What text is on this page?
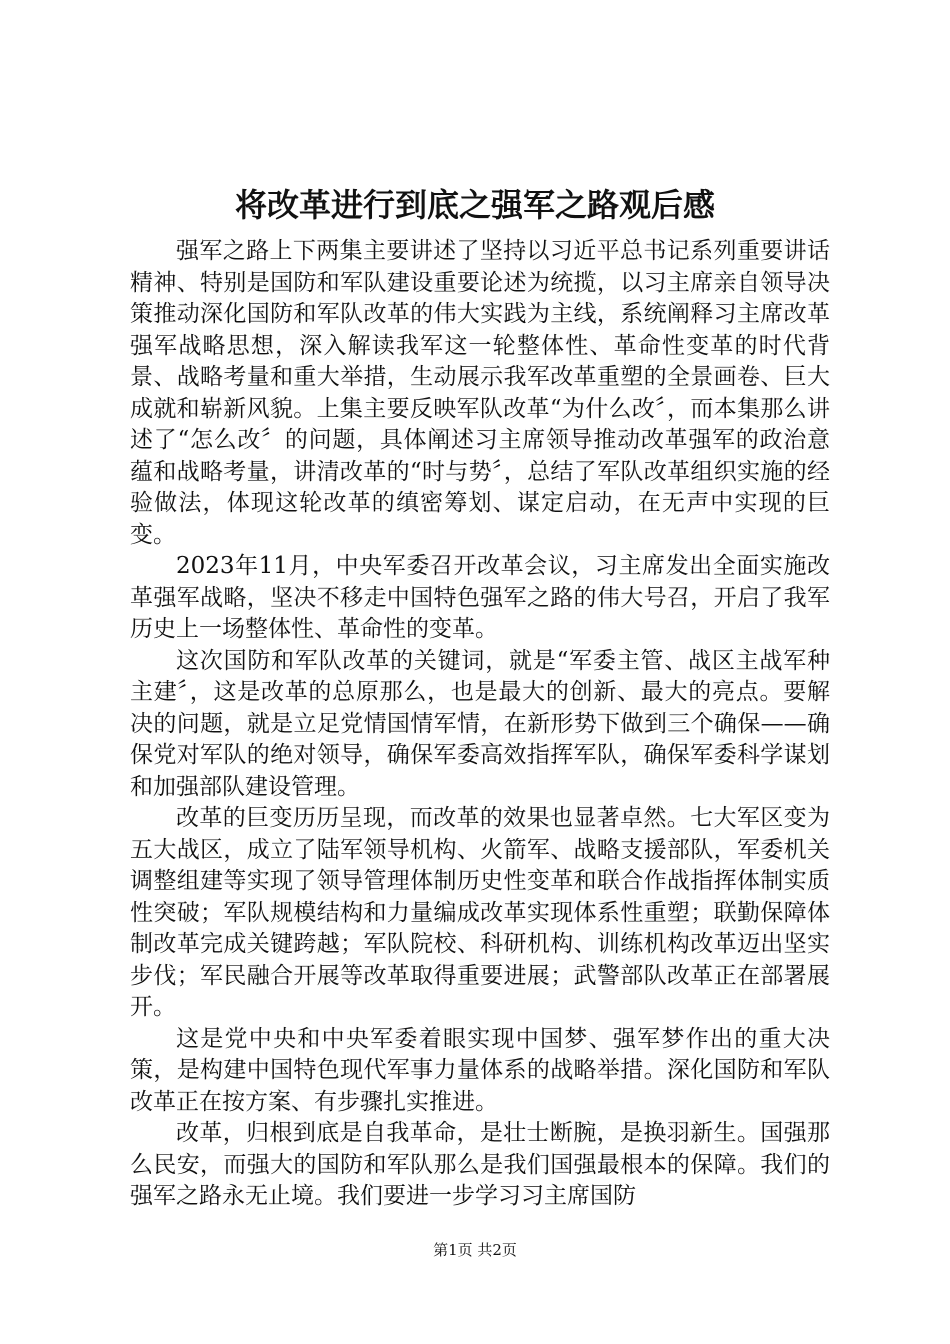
将改革进行到底之强军之路观后感

强军之路上下两集主要讲述了坚持以习近平总书记系列重要讲话精神、特别是国防和军队建设重要论述为统揽，以习主席亲自领导决策推动深化国防和军队改革的伟大实践为主线，系统阐释习主席改革强军战略思想，深入解读我军这一轮整体性、革命性变革的时代背景、战略考量和重大举措，生动展示我军改革重塑的全景画卷、巨大成就和崭新风貌。上集主要反映军队改革“为什么改〞，而本集那么讲述了“怎么改〞的问题，具体阐述习主席领导推动改革强军的政治意蕴和战略考量，讲清改革的“时与势〞，总结了军队改革组织实施的经验做法，体现这轮改革的缜密筹划、谋定启动，在无声中实现的巨变。

2023年11月，中央军委召开改革会议，习主席发出全面实施改革强军战略，坚决不移走中国特色强军之路的伟大号召，开启了我军历史上一场整体性、革命性的变革。

这次国防和军队改革的关键词，就是“军委主管、战区主战军种主建〞，这是改革的总原那么，也是最大的创新、最大的亮点。要解决的问题，就是立足党情国情军情，在新形势下做到三个确保——确保党对军队的绝对领导，确保军委高效指挥军队，确保军委科学谋划和加强部队建设管理。

改革的巨变历历呈现，而改革的效果也显著卓然。七大军区变为五大战区，成立了陆军领导机构、火箭军、战略支援部队，军委机关调整组建等实现了领导管理体制历史性变革和联合作战指挥体制实质性突破；军队规模结构和力量编成改革实现体系性重塑；联勤保障体制改革完成关键跨越；军队院校、科研机构、训练机构改革迈出坚实步伐；军民融合开展等改革取得重要进展；武警部队改革正在部署展开。

这是党中央和中央军委着眼实现中国梦、强军梦作出的重大决策，是构建中国特色现代军事力量体系的战略举措。深化国防和军队改革正在按方案、有步骤扎实推进。

改革，归根到底是自我革命，是壮士断腕，是换羽新生。国强那么民安，而强大的国防和军队那么是我们国强最根本的保障。我们的强军之路永无止境。我们要进一步学习习主席国防

第1页 共2页
